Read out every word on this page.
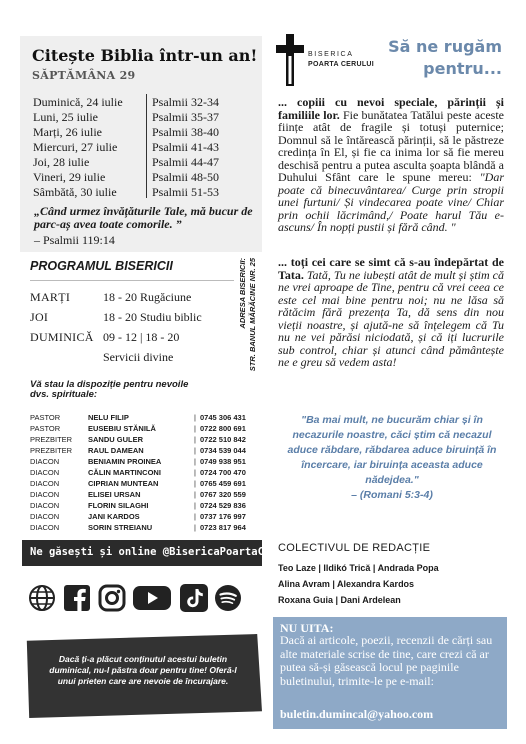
Citește Biblia într-un an!
SĂPTĂMÂNA 29
Duminică, 24 iulie Psalmii 32-34
Luni, 25 iulie	Psalmii 35-37
Marți, 26 iulie	Psalmii 38-40
Miercuri, 27 iulie	Psalmii 41-43
Joi, 28 iulie	Psalmii 44-47
Vineri, 29 iulie	Psalmii 48-50
Sâmbătă, 30 iulie	Psalmii 51-53
„Când urmez învățăturile Tale, mă bucur de parc-aș avea toate comorile. ”
– Psalmii 119:14
PROGRAMUL BISERICII
MARȚI	18 - 20 Rugăciune
JOI	18 - 20 Studiu biblic
DUMINICĂ 09 - 12 | 18 - 20
Servicii divine
ADRESA BISERICII: STR. BANUL MĂRĂCINE NR. 25
Vă stau la dispoziție pentru nevoile dvs. spirituale:
PASTOR	NELU FILIP	| 0745 306 431
PASTOR	EUSEBIU STĂNILĂ	| 0722 800 691
PREZBITER SANDU GULER	| 0722 510 842
PREZBITER RAUL DAMEAN	| 0734 539 044
DIACON	BENIAMIN PROINEA	| 0749 938 951
DIACON	CĂLIN MARTINCONI	| 0724 700 470
DIACON	CIPRIAN MUNTEAN	| 0765 459 691
DIACON	ELISEI URSAN	| 0767 320 559
DIACON	FLORIN SILAGHI	| 0724 529 836
DIACON	JANI KARDOS	| 0737 176 997
DIACON	SORIN STREIANU	| 0723 817 964
Ne găsești și online @BisericaPoartaCerului
Dacă ți-a plăcut conținutul acestui buletin duminical, nu-l păstra doar pentru tine! Oferă-l unui prieten care are nevoie de încurajare.
BISERICA
POARTA CERULUI
Să ne rugăm pentru...
... copiii cu nevoi speciale, părinții și familiile lor. Fie bunătatea Tatălui peste aceste ființe atât de fragile și totuși puternice; Domnul să le întărească părinții, să le păstreze credința în El, și fie ca inima lor să fie mereu deschisă pentru a putea asculta șoapta blândă a Duhului Sfânt care le spune mereu: "Dar poate că binecuvântarea/ Curge prin stropii unei furtuni/ Și vindecarea poate vine/ Chiar prin ochii lăcrimând,/ Poate harul Tău e-ascuns/ În nopți pustii și fără când. "
... toți cei care se simt că s-au îndepărtat de Tata. Tată, Tu ne iubești atât de mult și știm că ne vrei aproape de Tine, pentru că vrei ceea ce este cel mai bine pentru noi; nu ne lăsa să rătăcim fără prezența Ta, dă sens din nou vieții noastre, și ajută-ne să înțelegem că Tu nu ne vei părăsi niciodată, și că iți lucrurile sub control, chiar și atunci când pământește ne e greu să vedem asta!
"Ba mai mult, ne bucurăm chiar și în necazurile noastre, căci știm că necazul aduce răbdare, răbdarea aduce biruință în încercare, iar biruința aceasta aduce nădejdea."
– (Romani 5:3-4)
COLECTIVUL DE REDACȚIE
Teo Laze | Ildikó Trică | Andrada Popa
Alina Avram | Alexandra Kardos
Roxana Guia | Dani Ardelean
NU UITA:
Dacă ai articole, poezii, recenzii de cărți sau alte materiale scrise de tine, care crezi că ar putea să-și găsească locul pe paginile buletinului, trimite-le pe e-mail:
buletin.dumincal@yahoo.com
